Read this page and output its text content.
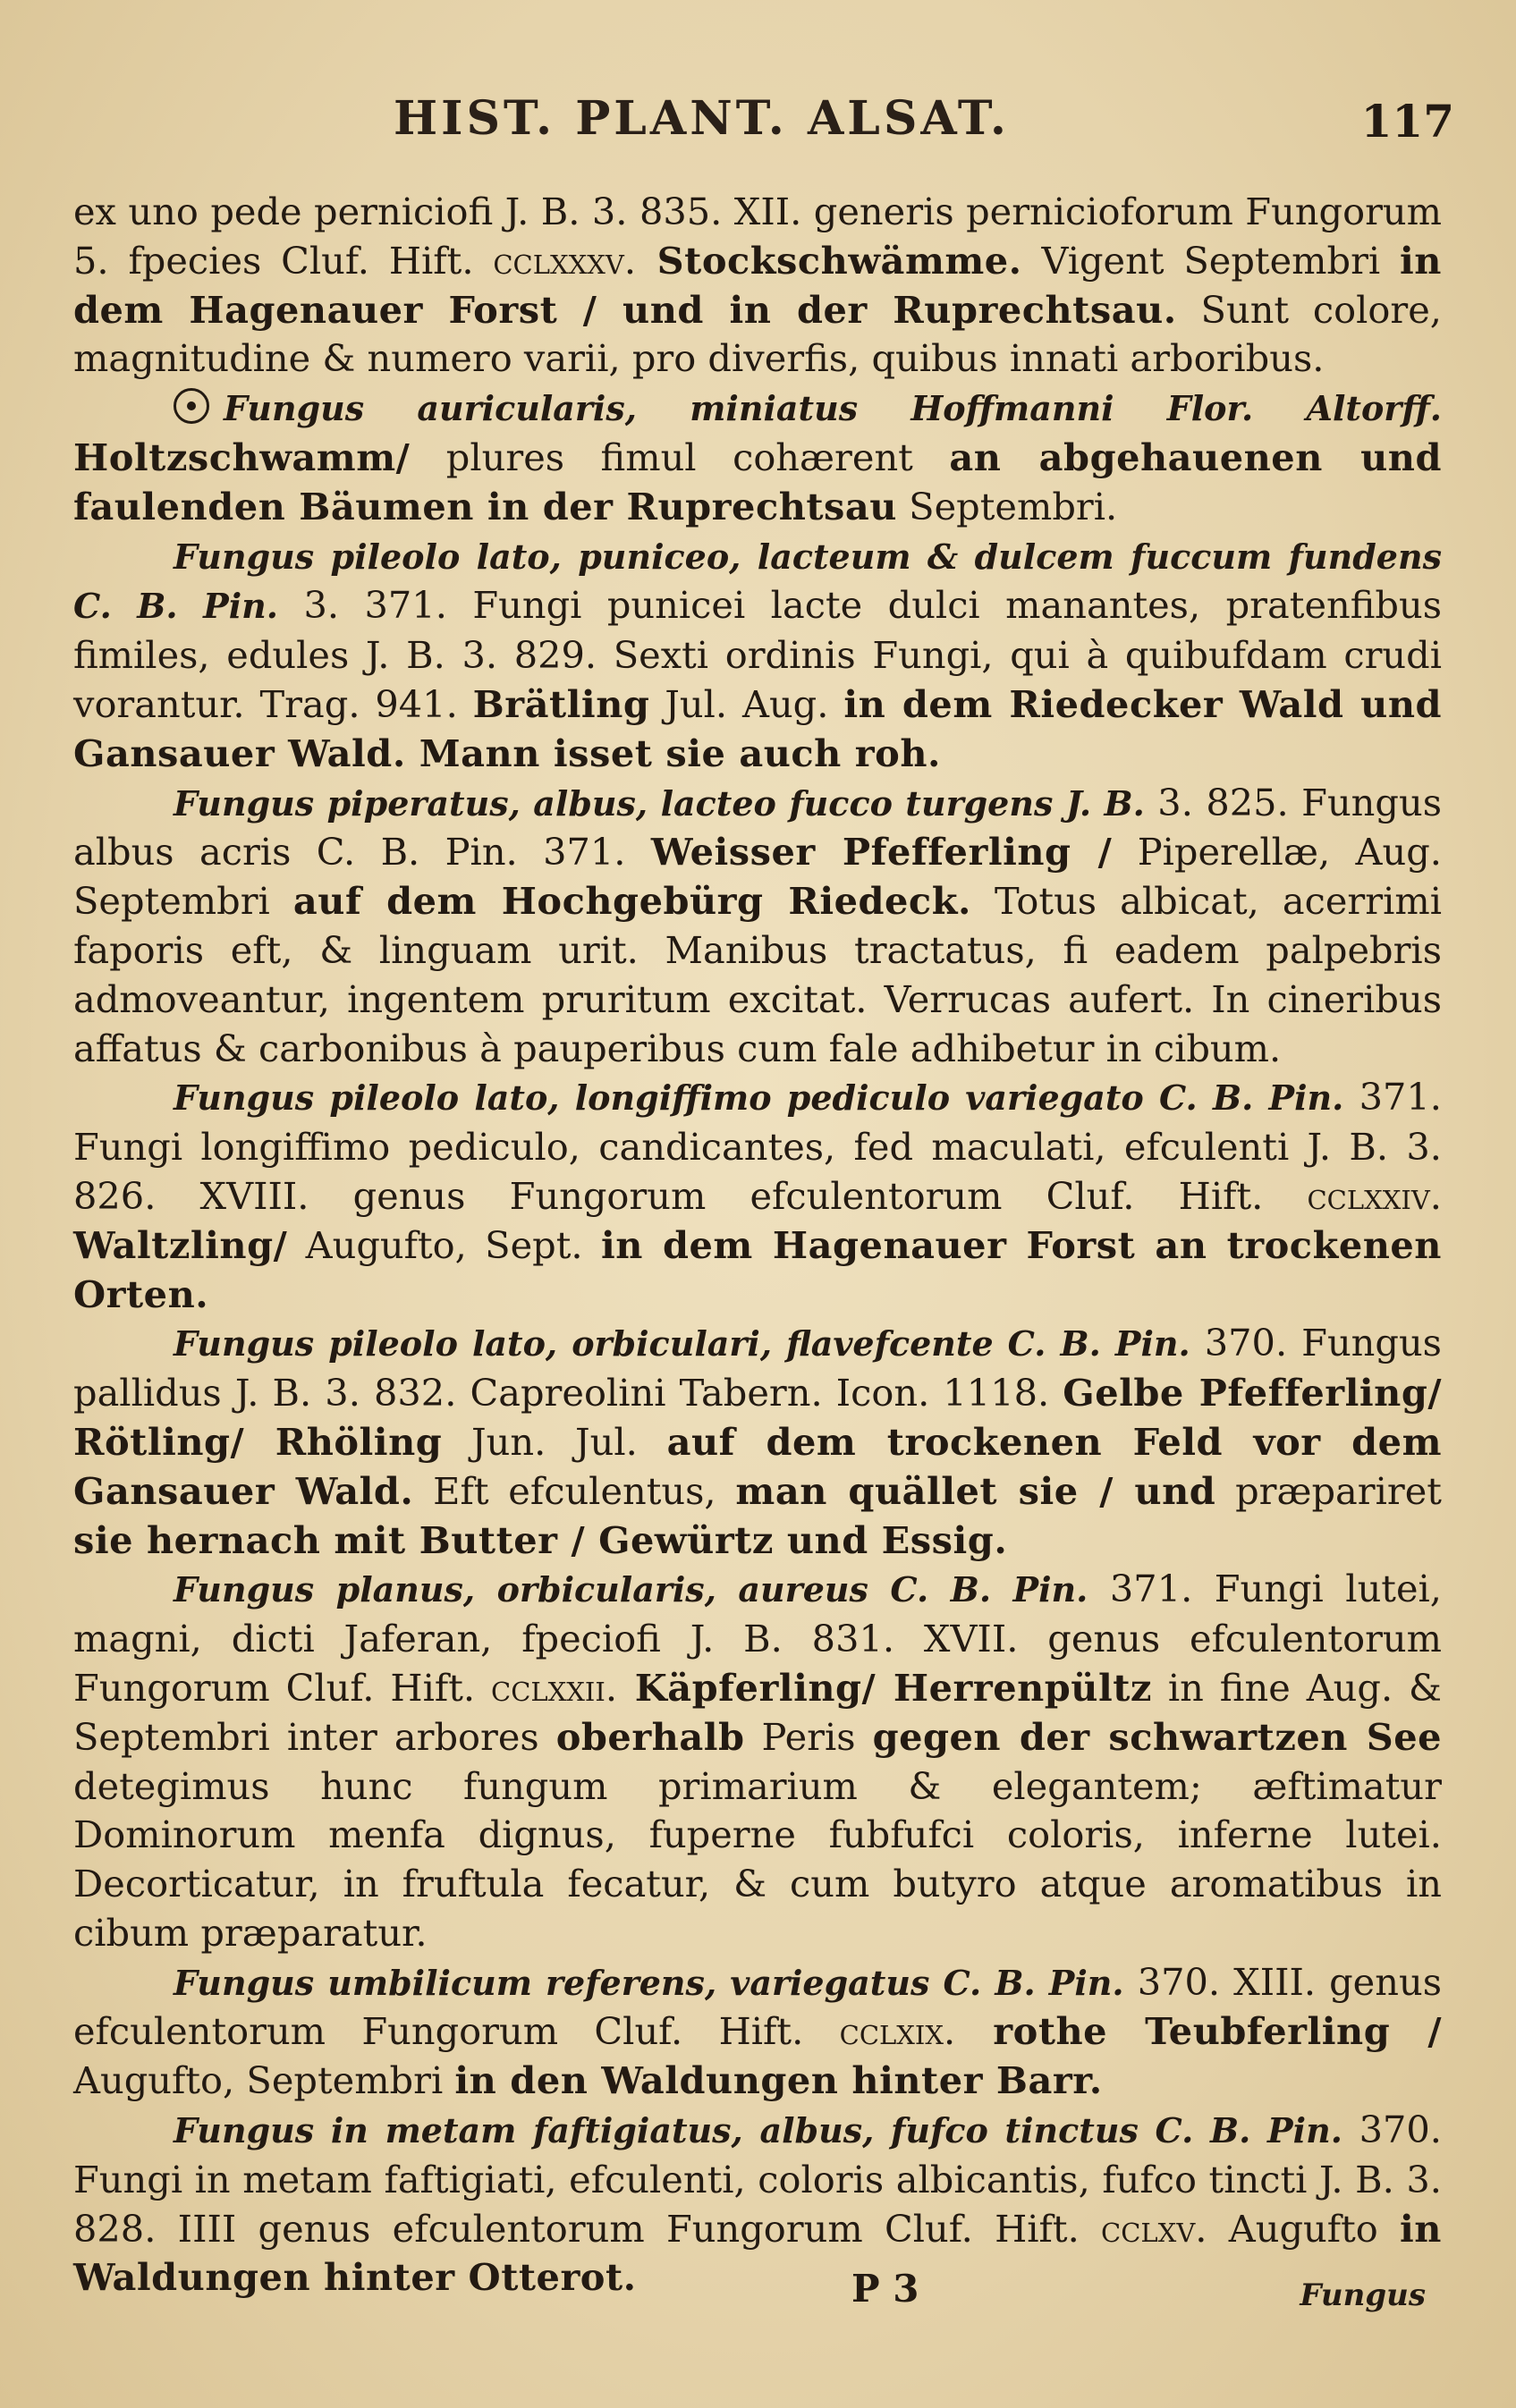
HIST. PLANT. ALSAT.	117

ex uno pede perniciofi J. B. 3. 835. XII. generis pernicioforum Fungorum 5. fpecies Cluf. Hift. cclxxxv. Stockschwämme. Vigent Septembri in dem Hagenauer Forst / und in der Ruprechtsau. Sunt colore, magnitudine & numero varii, pro diverfis, quibus innati arboribus.

Fungus auricularis, miniatus Hoffmanni Flor. Altorff. Holtzschwamm/ plures fimul cohærent an abgehauenen und faulenden Bäumen in der Ruprechtsau Septembri.

Fungus pileolo lato, puniceo, lacteum & dulcem fuccum fundens C. B. Pin. 3. 371. Fungi punicei lacte dulci manantes, pratenfibus fimiles, edules J. B. 3. 829. Sexti ordinis Fungi, qui à quibufdam crudi vorantur. Trag. 941. Brätling Jul. Aug. in dem Riedecker Wald und Gansauer Wald. Mann isset sie auch roh.

Fungus piperatus, albus, lacteo fucco turgens J. B. 3. 825. Fungus albus acris C. B. Pin. 371. Weisser Pfefferling / Piperellæ, Aug. Septembri auf dem Hochgebürg Riedeck. Totus albicat, acerrimi faporis eft, & linguam urit. Manibus tractatus, fi eadem palpebris admoveantur, ingentem pruritum excitat. Verrucas aufert. In cineribus affatus & carbonibus à pauperibus cum fale adhibetur in cibum.

Fungus pileolo lato, longiffimo pediculo variegato C. B. Pin. 371. Fungi longiffimo pediculo, candicantes, fed maculati, efculenti J. B. 3. 826. XVIII. genus Fungorum efculentorum Cluf. Hift. cclxxiv. Waltzling/ Augufto, Sept. in dem Hagenauer Forst an trockenen Orten.

Fungus pileolo lato, orbiculari, flavefcente C. B. Pin. 370. Fungus pallidus J. B. 3. 832. Capreolini Tabern. Icon. 1118. Gelbe Pfefferling/ Rötling/ Rhöling Jun. Jul. auf dem trockenen Feld vor dem Gansauer Wald. Eft efculentus, man quället sie / und præpariret sie hernach mit Butter / Gewürtz und Essig.

Fungus planus, orbicularis, aureus C. B. Pin. 371. Fungi lutei, magni, dicti Jaferan, fpeciofi J. B. 831. XVII. genus efculentorum Fungorum Cluf. Hift. cclxxii. Käpferling/ Herrenpültz in fine Aug. & Septembri inter arbores oberhalb Peris gegen der schwartzen See detegimus hunc fungum primarium & elegantem; æftimatur Dominorum menfa dignus, fuperne fubfufci coloris, inferne lutei. Decorticatur, in fruftula fecatur, & cum butyro atque aromatibus in cibum præparatur.

Fungus umbilicum referens, variegatus C. B. Pin. 370. XIII. genus efculentorum Fungorum Cluf. Hift. cclxix. rothe Teubferling / Augufto, Septembri in den Waldungen hinter Barr.

Fungus in metam faftigiatus, albus, fufco tinctus C. B. Pin. 370. Fungi in metam faftigiati, efculenti, coloris albicantis, fufco tincti J. B. 3. 828. IIII genus efculentorum Fungorum Cluf. Hift. cclxv. Augufto in Waldungen hinter Otterot.	P 3	Fungus
